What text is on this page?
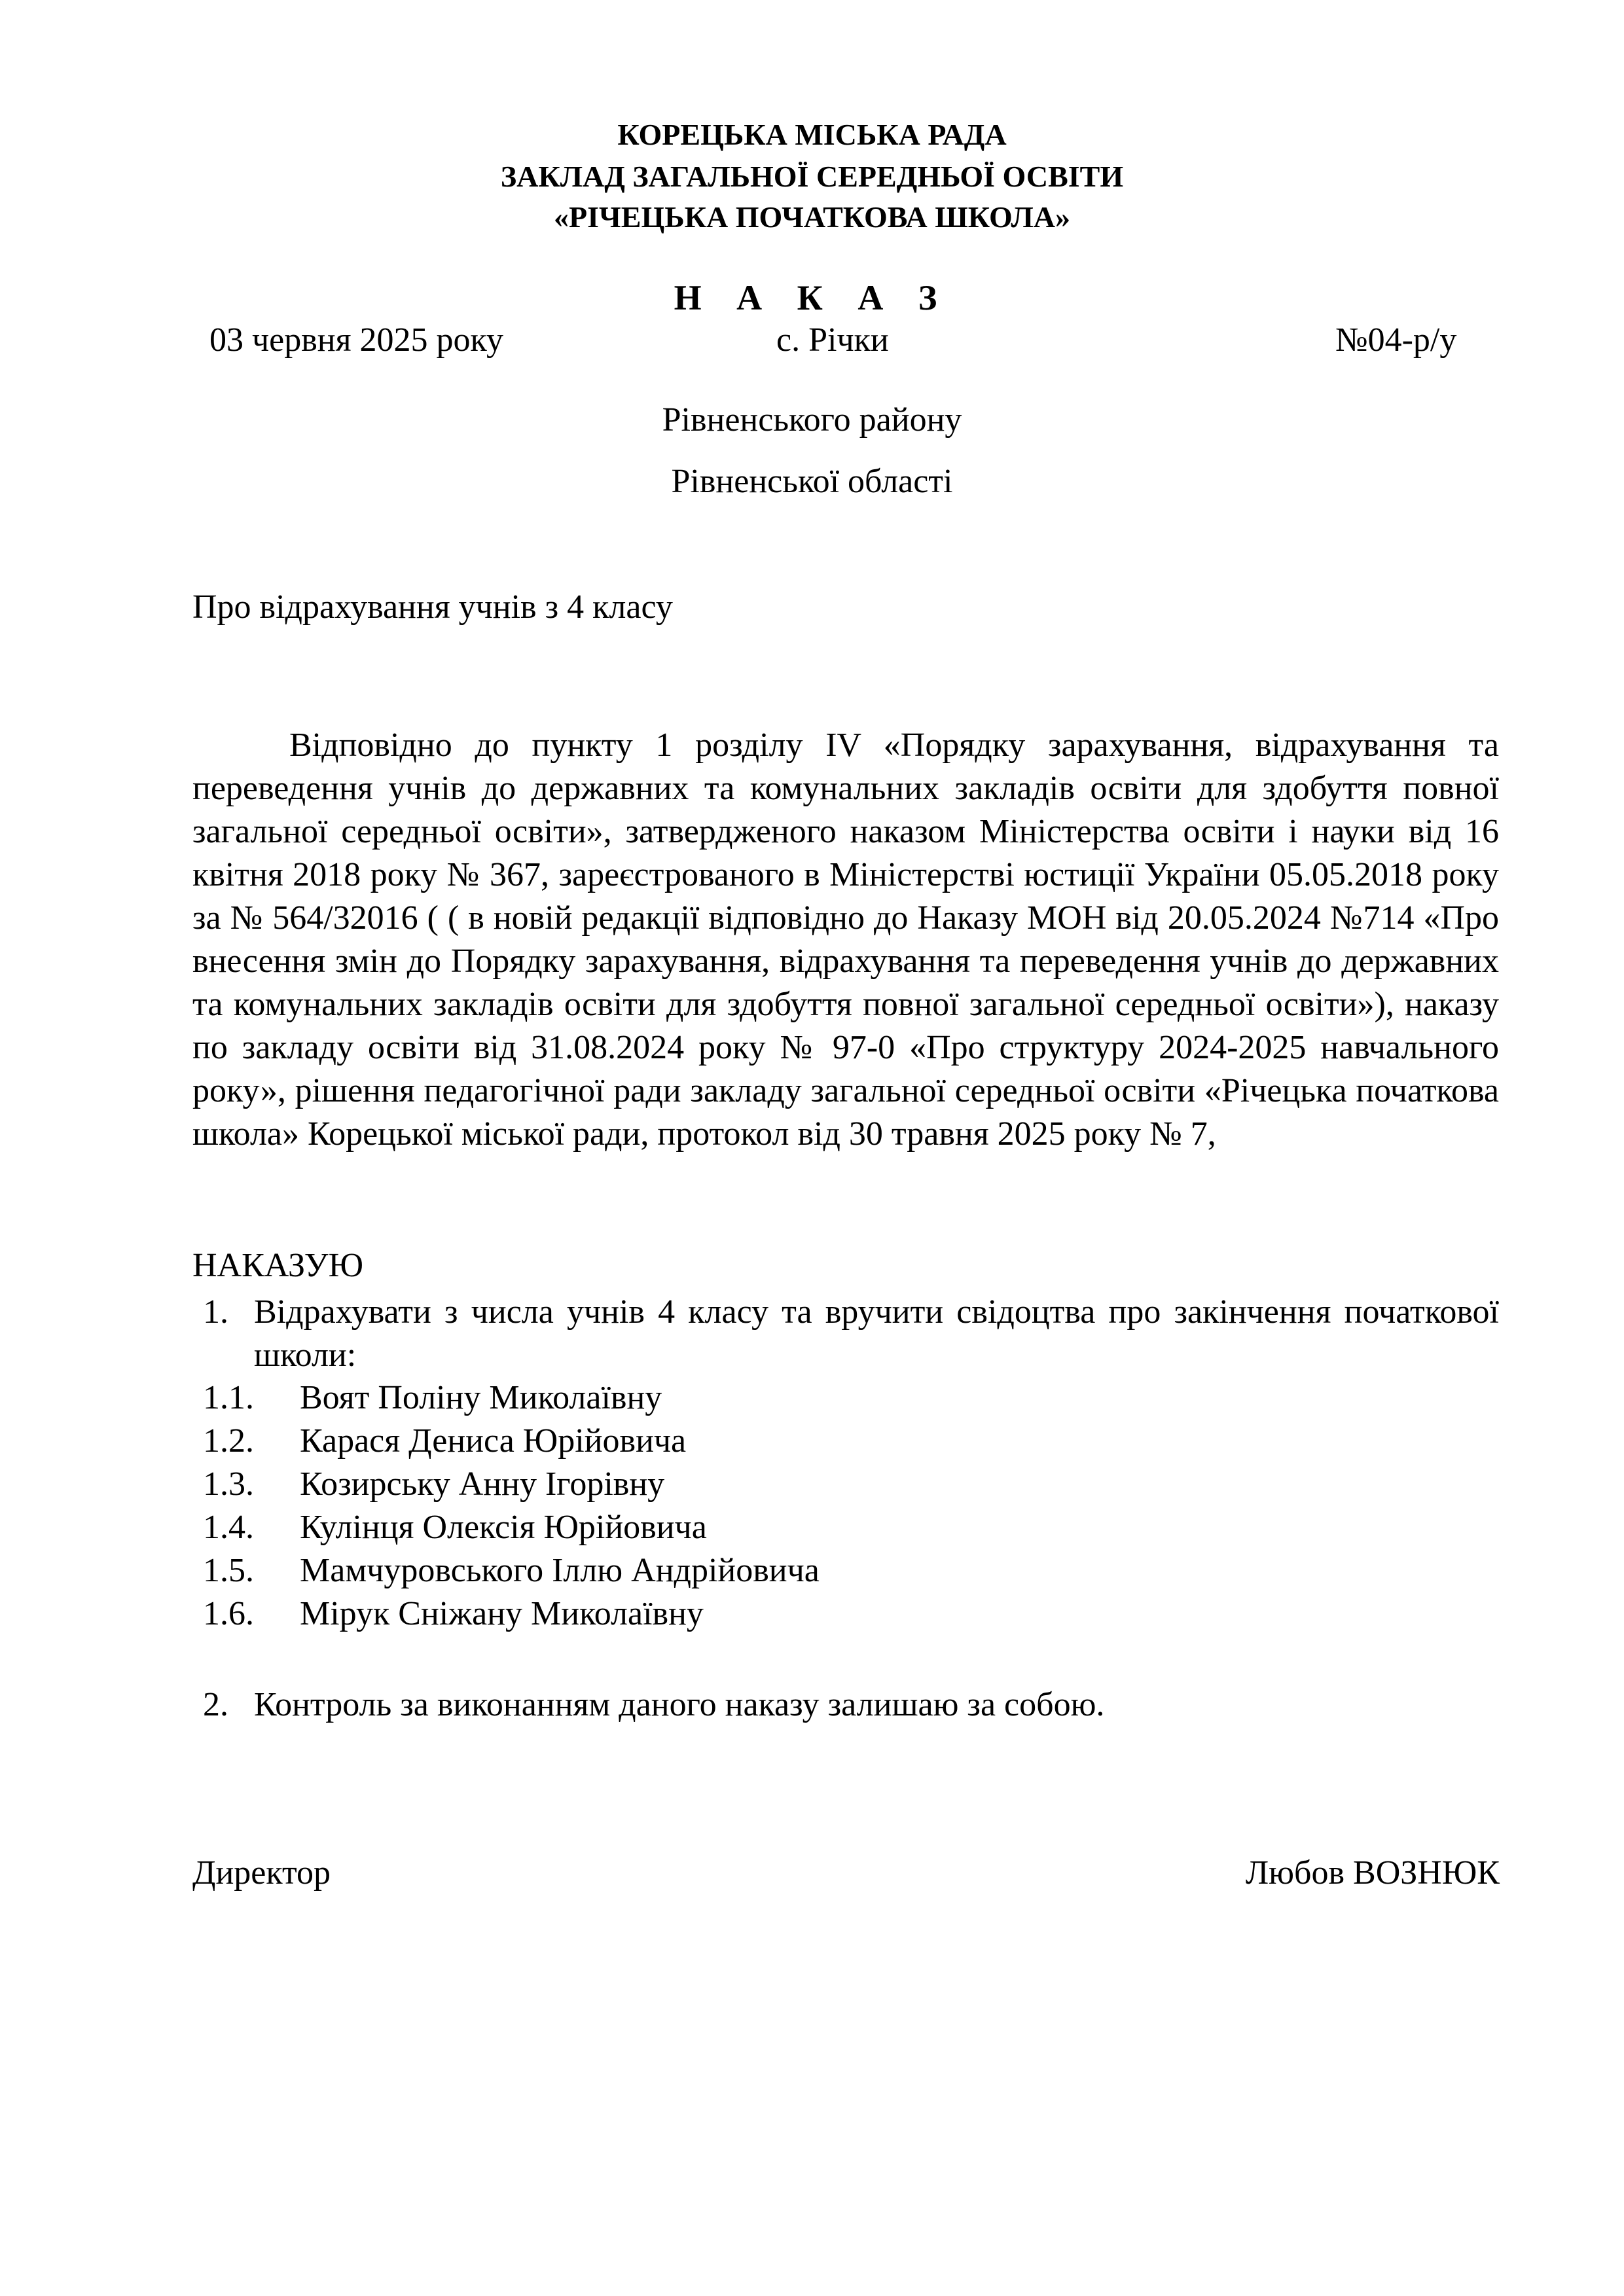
КОРЕЦЬКА МІСЬКА РАДА
ЗАКЛАД ЗАГАЛЬНОЇ СЕРЕДНЬОЇ ОСВІТИ
«РІЧЕЦЬКА ПОЧАТКОВА ШКОЛА»
Н А К А З
03 червня 2025 року	с. Річки	№04-р/у
Рівненського району
Рівненської області
Про відрахування учнів з 4 класу

Відповідно до пункту 1 розділу IV «Порядку зарахування, відрахування та переведення учнів до державних та комунальних закладів освіти для здобуття повної загальної середньої освіти», затвердженого наказом Міністерства освіти і науки від 16 квітня 2018 року № 367, зареєстрованого в Міністерстві юстиції України 05.05.2018 року за № 564/32016 ( ( в новій редакції відповідно до Наказу МОН від 20.05.2024 №714 «Про внесення змін до Порядку зарахування, відрахування та переведення учнів до державних та комунальних закладів освіти для здобуття повної загальної середньої освіти»), наказу по закладу освіти від 31.08.2024 року № 97-0 «Про структуру 2024-2025 навчального року», рішення педагогічної ради закладу загальної середньої освіти «Річецька початкова школа» Корецької міської ради, протокол від 30 травня 2025 року № 7,

НАКАЗУЮ
1. Відрахувати з числа учнів 4 класу та вручити свідоцтва про закінчення початкової школи:
1.1. Воят Поліну Миколаївну
1.2. Карася Дениса Юрійовича
1.3. Козирську Анну Ігорівну
1.4. Кулінця Олексія Юрійовича
1.5. Мамчуровського Іллю Андрійовича
1.6. Мірук Сніжану Миколаївну
2. Контроль за виконанням даного наказу залишаю за собою.
Директор	Любов ВОЗНЮК
